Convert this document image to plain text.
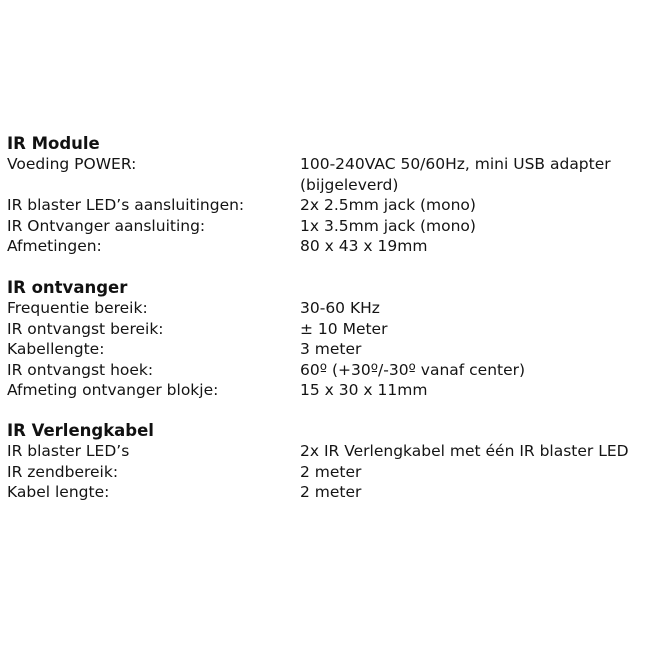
IR Module
Voeding POWER:	100-240VAC 50/60Hz, mini USB adapter
(bijgeleverd)
IR blaster LED’s aansluitingen:	2x 2.5mm jack (mono)
IR Ontvanger aansluiting:	1x 3.5mm jack (mono)
Afmetingen:	80 x 43 x 19mm
IR ontvanger
Frequentie bereik:	30-60 KHz
IR ontvangst bereik:	± 10 Meter
Kabellengte:	3 meter
IR ontvangst hoek:	60º (+30º/-30º vanaf center)
Afmeting ontvanger blokje:	15 x 30 x 11mm
IR Verlengkabel
IR blaster LED’s	2x IR Verlengkabel met één IR blaster LED
IR zendbereik:	2 meter
Kabel lengte:	2 meter
